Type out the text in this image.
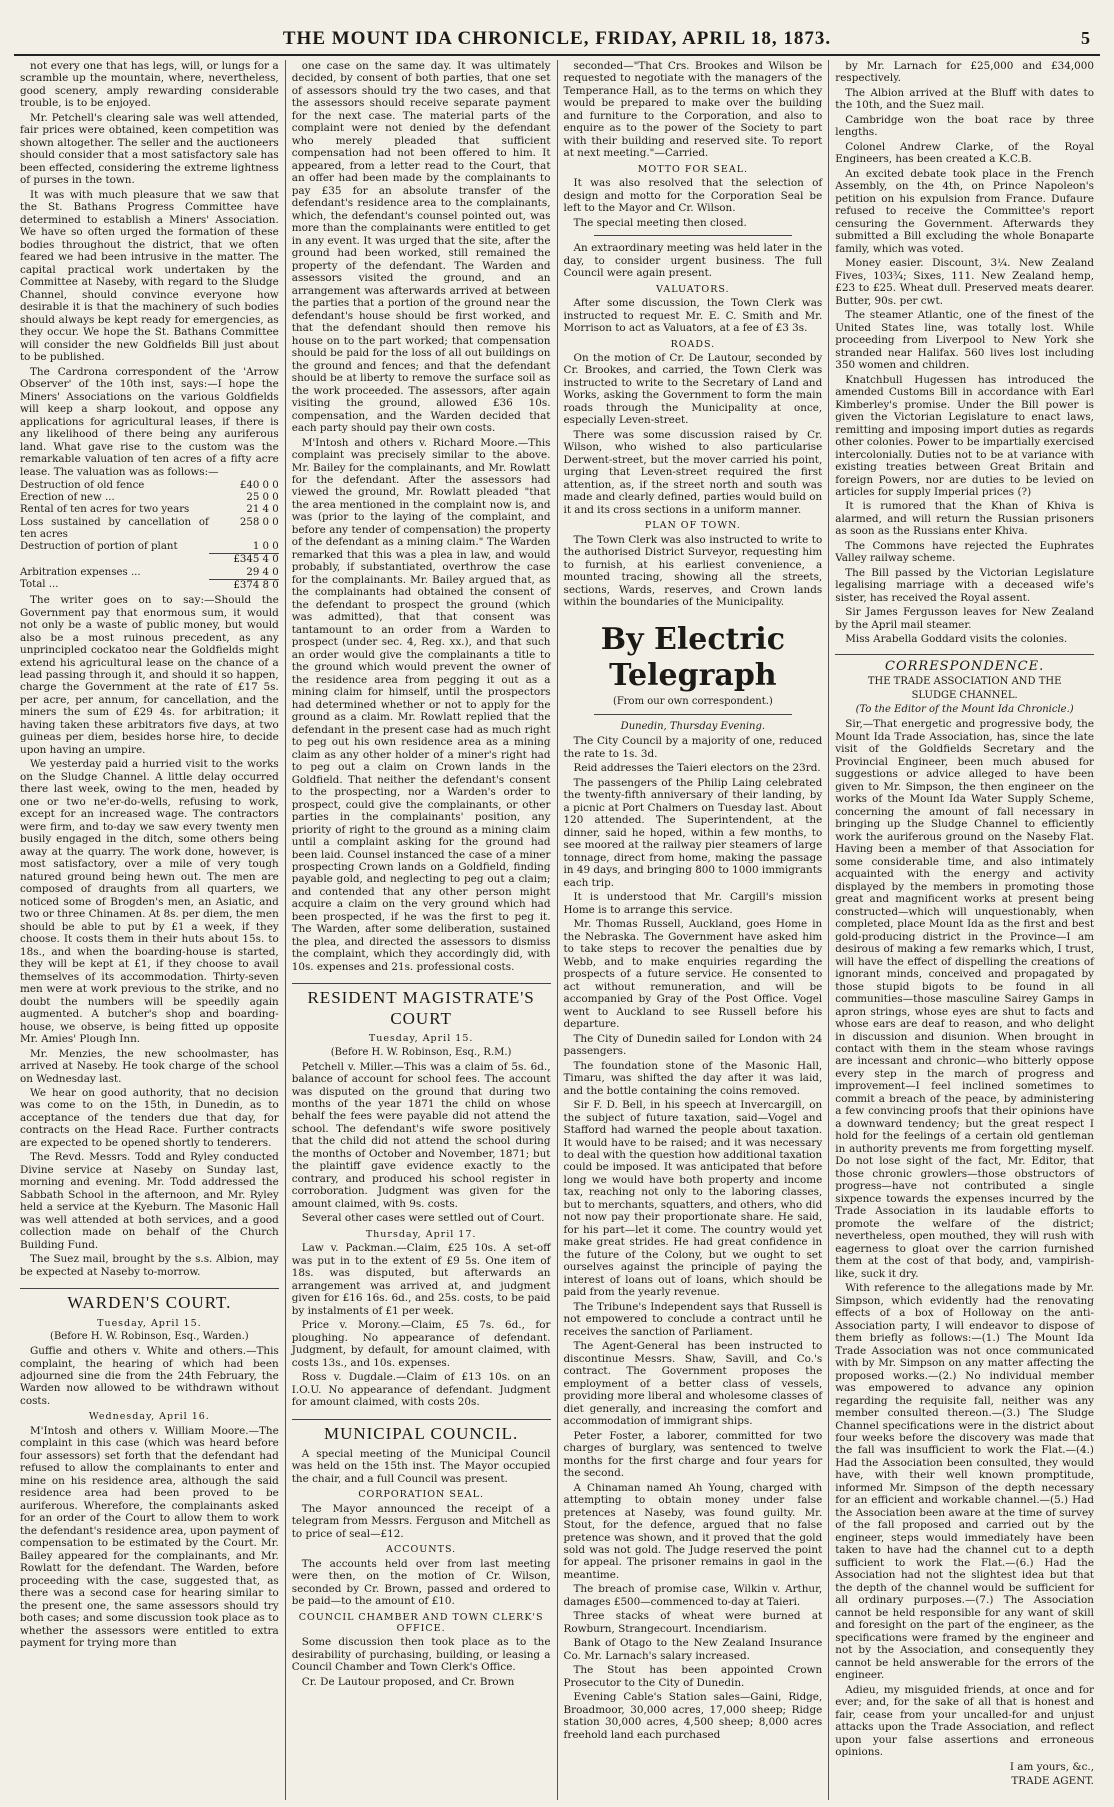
THE MOUNT IDA CHRONICLE, FRIDAY, APRIL 18, 1873.	5

not every one that has legs, will, or lungs for a scramble up the mountain, where, nevertheless, good scenery, amply rewarding considerable trouble, is to be enjoyed.

Mr. Petchell's clearing sale was well attended, fair prices were obtained, keen competition was shown altogether. The seller and the auctioneers should consider that a most satisfactory sale has been effected, considering the extreme lightness of purses in the town.

It was with much pleasure that we saw that the St. Bathans Progress Committee have determined to establish a Miners' Association. We have so often urged the formation of these bodies throughout the district, that we often feared we had been intrusive in the matter. The capital practical work undertaken by the Committee at Naseby, with regard to the Sludge Channel, should convince everyone how desirable it is that the machinery of such bodies should always be kept ready for emergencies, as they occur. We hope the St. Bathans Committee will consider the new Goldfields Bill just about to be published.

The Cardrona correspondent of the 'Arrow Observer' of the 10th inst, says:—I hope the Miners' Associations on the various Goldfields will keep a sharp lookout, and oppose any applications for agricultural leases, if there is any likelihood of there being any auriferous land. What gave rise to the custom was the remarkable valuation of ten acres of a fifty acre lease. The valuation was as follows:—

Destruction of old fence	£40 0 0
Erection of new ...	25 0 0
Rental of ten acres for two years	21 4 0
Loss sustained by cancellation of ten acres	258 0 0
Destruction of portion of plant	1 0 0
	£345 4 0
Arbitration expenses ...	29 4 0
Total ...	£374 8 0

The writer goes on to say:—Should the Government pay that enormous sum, it would not only be a waste of public money, but would also be a most ruinous precedent, as any unprincipled cockatoo near the Goldfields might extend his agricultural lease on the chance of a lead passing through it, and should it so happen, charge the Government at the rate of £17 5s. per acre, per annum, for cancellation, and the miners the sum of £29 4s. for arbitration; it having taken these arbitrators five days, at two guineas per diem, besides horse hire, to decide upon having an umpire.

We yesterday paid a hurried visit to the works on the Sludge Channel. A little delay occurred there last week, owing to the men, headed by one or two ne'er-do-wells, refusing to work, except for an increased wage. The contractors were firm, and to-day we saw every twenty men busily engaged in the ditch, some others being away at the quarry. The work done, however, is most satisfactory, over a mile of very tough natured ground being hewn out. The men are composed of draughts from all quarters, we noticed some of Brogden's men, an Asiatic, and two or three Chinamen. At 8s. per diem, the men should be able to put by £1 a week, if they choose. It costs them in their huts about 15s. to 18s., and when the boarding-house is started, they will be kept at £1, if they choose to avail themselves of its accommodation. Thirty-seven men were at work previous to the strike, and no doubt the numbers will be speedily again augmented. A butcher's shop and boarding-house, we observe, is being fitted up opposite Mr. Amies' Plough Inn.

Mr. Menzies, the new schoolmaster, has arrived at Naseby. He took charge of the school on Wednesday last.

We hear on good authority, that no decision was come to on the 15th, in Dunedin, as to acceptance of the tenders due that day, for contracts on the Head Race. Further contracts are expected to be opened shortly to tenderers.

The Revd. Messrs. Todd and Ryley conducted Divine service at Naseby on Sunday last, morning and evening. Mr. Todd addressed the Sabbath School in the afternoon, and Mr. Ryley held a service at the Kyeburn. The Masonic Hall was well attended at both services, and a good collection made on behalf of the Church Building Fund.

The Suez mail, brought by the s.s. Albion, may be expected at Naseby to-morrow.

WARDEN'S COURT.
Tuesday, April 15.
(Before H. W. Robinson, Esq., Warden.)

Guffie and others v. White and others.—This complaint, the hearing of which had been adjourned sine die from the 24th February, the Warden now allowed to be withdrawn without costs.

Wednesday, April 16.

M'Intosh and others v. William Moore.—The complaint in this case (which was heard before four assessors) set forth that the defendant had refused to allow the complainants to enter and mine on his residence area, although the said residence area had been proved to be auriferous. Wherefore, the complainants asked for an order of the Court to allow them to work the defendant's residence area, upon payment of compensation to be estimated by the Court. Mr. Bailey appeared for the complainants, and Mr. Rowlatt for the defendant. The Warden, before proceeding with the case, suggested that, as there was a second case for hearing similar to the present one, the same assessors should try both cases; and some discussion took place as to whether the assessors were entitled to extra payment for trying more than

one case on the same day. It was ultimately decided, by consent of both parties, that one set of assessors should try the two cases, and that the assessors should receive separate payment for the next case. The material parts of the complaint were not denied by the defendant who merely pleaded that sufficient compensation had not been offered to him. It appeared, from a letter read to the Court, that an offer had been made by the complainants to pay £35 for an absolute transfer of the defendant's residence area to the complainants, which, the defendant's counsel pointed out, was more than the complainants were entitled to get in any event. It was urged that the site, after the ground had been worked, still remained the property of the defendant. The Warden and assessors visited the ground, and an arrangement was afterwards arrived at between the parties that a portion of the ground near the defendant's house should be first worked, and that the defendant should then remove his house on to the part worked; that compensation should be paid for the loss of all out buildings on the ground and fences; and that the defendant should be at liberty to remove the surface soil as the work proceeded. The assessors, after again visiting the ground, allowed £36 10s. compensation, and the Warden decided that each party should pay their own costs.

M'Intosh and others v. Richard Moore.—This complaint was precisely similar to the above. Mr. Bailey for the complainants, and Mr. Rowlatt for the defendant. After the assessors had viewed the ground, Mr. Rowlatt pleaded "that the area mentioned in the complaint now is, and was (prior to the laying of the complaint, and before any tender of compensation) the property of the defendant as a mining claim." The Warden remarked that this was a plea in law, and would probably, if substantiated, overthrow the case for the complainants. Mr. Bailey argued that, as the complainants had obtained the consent of the defendant to prospect the ground (which was admitted), that that consent was tantamount to an order from a Warden to prospect (under sec. 4, Reg. xx.), and that such an order would give the complainants a title to the ground which would prevent the owner of the residence area from pegging it out as a mining claim for himself, until the prospectors had determined whether or not to apply for the ground as a claim. Mr. Rowlatt replied that the defendant in the present case had as much right to peg out his own residence area as a mining claim as any other holder of a miner's right had to peg out a claim on Crown lands in the Goldfield. That neither the defendant's consent to the prospecting, nor a Warden's order to prospect, could give the complainants, or other parties in the complainants' position, any priority of right to the ground as a mining claim until a complaint asking for the ground had been laid. Counsel instanced the case of a miner prospecting Crown lands on a Goldfield, finding payable gold, and neglecting to peg out a claim; and contended that any other person might acquire a claim on the very ground which had been prospected, if he was the first to peg it. The Warden, after some deliberation, sustained the plea, and directed the assessors to dismiss the complaint, which they accordingly did, with 10s. expenses and 21s. professional costs.

RESIDENT MAGISTRATE'S COURT
Tuesday, April 15.
(Before H. W. Robinson, Esq., R.M.)

Petchell v. Miller.—This was a claim of 5s. 6d., balance of account for school fees. The account was disputed on the ground that during two months of the year 1871 the child on whose behalf the fees were payable did not attend the school. The defendant's wife swore positively that the child did not attend the school during the months of October and November, 1871; but the plaintiff gave evidence exactly to the contrary, and produced his school register in corroboration. Judgment was given for the amount claimed, with 9s. costs.

Several other cases were settled out of Court.

Thursday, April 17.

Law v. Packman.—Claim, £25 10s. A set-off was put in to the extent of £9 5s. One item of 18s. was disputed, but afterwards an arrangement was arrived at, and judgment given for £16 16s. 6d., and 25s. costs, to be paid by instalments of £1 per week.

Price v. Morony.—Claim, £5 7s. 6d., for ploughing. No appearance of defendant. Judgment, by default, for amount claimed, with costs 13s., and 10s. expenses.

Ross v. Dugdale.—Claim of £13 10s. on an I.O.U. No appearance of defendant. Judgment for amount claimed, with costs 20s.

MUNICIPAL COUNCIL.

A special meeting of the Municipal Council was held on the 15th inst. The Mayor occupied the chair, and a full Council was present.

CORPORATION SEAL.

The Mayor announced the receipt of a telegram from Messrs. Ferguson and Mitchell as to price of seal—£12.

ACCOUNTS.

The accounts held over from last meeting were then, on the motion of Cr. Wilson, seconded by Cr. Brown, passed and ordered to be paid—to the amount of £10.

COUNCIL CHAMBER AND TOWN CLERK'S OFFICE.

Some discussion then took place as to the desirability of purchasing, building, or leasing a Council Chamber and Town Clerk's Office.

Cr. De Lautour proposed, and Cr. Brown

seconded—"That Crs. Brookes and Wilson be requested to negotiate with the managers of the Temperance Hall, as to the terms on which they would be prepared to make over the building and furniture to the Corporation, and also to enquire as to the power of the Society to part with their building and reserved site. To report at next meeting."—Carried.

MOTTO FOR SEAL.

It was also resolved that the selection of design and motto for the Corporation Seal be left to the Mayor and Cr. Wilson.

The special meeting then closed.

An extraordinary meeting was held later in the day, to consider urgent business. The full Council were again present.

VALUATORS.

After some discussion, the Town Clerk was instructed to request Mr. E. C. Smith and Mr. Morrison to act as Valuators, at a fee of £3 3s.

ROADS.

On the motion of Cr. De Lautour, seconded by Cr. Brookes, and carried, the Town Clerk was instructed to write to the Secretary of Land and Works, asking the Government to form the main roads through the Municipality at once, especially Leven-street.

There was some discussion raised by Cr. Wilson, who wished to also particularise Derwent-street, but the mover carried his point, urging that Leven-street required the first attention, as, if the street north and south was made and clearly defined, parties would build on it and its cross sections in a uniform manner.

PLAN OF TOWN.

The Town Clerk was also instructed to write to the authorised District Surveyor, requesting him to furnish, at his earliest convenience, a mounted tracing, showing all the streets, sections, Wards, reserves, and Crown lands within the boundaries of the Municipality.

By Electric Telegraph
(From our own correspondent.)
Dunedin, Thursday Evening.

The City Council by a majority of one, reduced the rate to 1s. 3d.

Reid addresses the Taieri electors on the 23rd.

The passengers of the Philip Laing celebrated the twenty-fifth anniversary of their landing, by a picnic at Port Chalmers on Tuesday last. About 120 attended. The Superintendent, at the dinner, said he hoped, within a few months, to see moored at the railway pier steamers of large tonnage, direct from home, making the passage in 49 days, and bringing 800 to 1000 immigrants each trip.

It is understood that Mr. Cargill's mission Home is to arrange this service.

Mr. Thomas Russell, Auckland, goes Home in the Nebraska. The Government have asked him to take steps to recover the penalties due by Webb, and to make enquiries regarding the prospects of a future service. He consented to act without remuneration, and will be accompanied by Gray of the Post Office. Vogel went to Auckland to see Russell before his departure.

The City of Dunedin sailed for London with 24 passengers.

The foundation stone of the Masonic Hall, Timaru, was shifted the day after it was laid, and the bottle containing the coins removed.

Sir F. D. Bell, in his speech at Invercargill, on the subject of future taxation, said—Vogel and Stafford had warned the people about taxation. It would have to be raised; and it was necessary to deal with the question how additional taxation could be imposed. It was anticipated that before long we would have both property and income tax, reaching not only to the laboring classes, but to merchants, squatters, and others, who did not now pay their proportionate share. He said, for his part—let it come. The country would yet make great strides. He had great confidence in the future of the Colony, but we ought to set ourselves against the principle of paying the interest of loans out of loans, which should be paid from the yearly revenue.

The Tribune's Independent says that Russell is not empowered to conclude a contract until he receives the sanction of Parliament.

The Agent-General has been instructed to discontinue Messrs. Shaw, Savill, and Co.'s contract. The Government proposes the employment of a better class of vessels, providing more liberal and wholesome classes of diet generally, and increasing the comfort and accommodation of immigrant ships.

Peter Foster, a laborer, committed for two charges of burglary, was sentenced to twelve months for the first charge and four years for the second.

A Chinaman named Ah Young, charged with attempting to obtain money under false pretences at Naseby, was found guilty. Mr. Stout, for the defence, argued that no false pretence was shown, and it proved that the gold sold was not gold. The Judge reserved the point for appeal. The prisoner remains in gaol in the meantime.

The breach of promise case, Wilkin v. Arthur, damages £500—commenced to-day at Taieri.

Three stacks of wheat were burned at Rowburn, Strangecourt. Incendiarism.

Bank of Otago to the New Zealand Insurance Co. Mr. Larnach's salary increased.

The Stout has been appointed Crown Prosecutor to the City of Dunedin.

Evening Cable's Station sales—Gaini, Ridge, Broadmoor, 30,000 acres, 17,000 sheep; Ridge station 30,000 acres, 4,500 sheep; 8,000 acres freehold land each purchased

by Mr. Larnach for £25,000 and £34,000 respectively.

The Albion arrived at the Bluff with dates to the 10th, and the Suez mail.

Cambridge won the boat race by three lengths.

Colonel Andrew Clarke, of the Royal Engineers, has been created a K.C.B.

An excited debate took place in the French Assembly, on the 4th, on Prince Napoleon's petition on his expulsion from France. Dufaure refused to receive the Committee's report censuring the Government. Afterwards they submitted a Bill excluding the whole Bonaparte family, which was voted.

Money easier. Discount, 3¼. New Zealand Fives, 103¾; Sixes, 111. New Zealand hemp, £23 to £25. Wheat dull. Preserved meats dearer. Butter, 90s. per cwt.

The steamer Atlantic, one of the finest of the United States line, was totally lost. While proceeding from Liverpool to New York she stranded near Halifax. 560 lives lost including 350 women and children.

Knatchbull Hugessen has introduced the amended Customs Bill in accordance with Earl Kimberley's promise. Under the Bill power is given the Victorian Legislature to enact laws, remitting and imposing import duties as regards other colonies. Power to be impartially exercised intercolonially. Duties not to be at variance with existing treaties between Great Britain and foreign Powers, nor are duties to be levied on articles for supply Imperial prices (?)

It is rumored that the Khan of Khiva is alarmed, and will return the Russian prisoners as soon as the Russians enter Khiva.

The Commons have rejected the Euphrates Valley railway scheme.

The Bill passed by the Victorian Legislature legalising marriage with a deceased wife's sister, has received the Royal assent.

Sir James Fergusson leaves for New Zealand by the April mail steamer.

Miss Arabella Goddard visits the colonies.

CORRESPONDENCE.
THE TRADE ASSOCIATION AND THE
SLUDGE CHANNEL.
(To the Editor of the Mount Ida Chronicle.)

Sir,—That energetic and progressive body, the Mount Ida Trade Association, has, since the late visit of the Goldfields Secretary and the Provincial Engineer, been much abused for suggestions or advice alleged to have been given to Mr. Simpson, the then engineer on the works of the Mount Ida Water Supply Scheme, concerning the amount of fall necessary in bringing up the Sludge Channel to efficiently work the auriferous ground on the Naseby Flat. Having been a member of that Association for some considerable time, and also intimately acquainted with the energy and activity displayed by the members in promoting those great and magnificent works at present being constructed—which will unquestionably, when completed, place Mount Ida as the first and best gold-producing district in the Province—I am desirous of making a few remarks which, I trust, will have the effect of dispelling the creations of ignorant minds, conceived and propagated by those stupid bigots to be found in all communities—those masculine Sairey Gamps in apron strings, whose eyes are shut to facts and whose ears are deaf to reason, and who delight in discussion and disunion. When brought in contact with them in the steam whose ravings are incessant and chronic—who bitterly oppose every step in the march of progress and improvement—I feel inclined sometimes to commit a breach of the peace, by administering a few convincing proofs that their opinions have a downward tendency; but the great respect I hold for the feelings of a certain old gentleman in authority prevents me from forgetting myself. Do not lose sight of the fact, Mr. Editor, that those chronic growlers—those obstructors of progress—have not contributed a single sixpence towards the expenses incurred by the Trade Association in its laudable efforts to promote the welfare of the district; nevertheless, open mouthed, they will rush with eagerness to gloat over the carrion furnished them at the cost of that body, and, vampirish-like, suck it dry.

With reference to the allegations made by Mr. Simpson, which evidently had the renovating effects of a box of Holloway on the anti-Association party, I will endeavor to dispose of them briefly as follows:—(1.) The Mount Ida Trade Association was not once communicated with by Mr. Simpson on any matter affecting the proposed works.—(2.) No individual member was empowered to advance any opinion regarding the requisite fall, neither was any member consulted thereon.—(3.) The Sludge Channel specifications were in the district about four weeks before the discovery was made that the fall was insufficient to work the Flat.—(4.) Had the Association been consulted, they would have, with their well known promptitude, informed Mr. Simpson of the depth necessary for an efficient and workable channel.—(5.) Had the Association been aware at the time of survey of the fall proposed and carried out by the engineer, steps would immediately have been taken to have had the channel cut to a depth sufficient to work the Flat.—(6.) Had the Association had not the slightest idea but that the depth of the channel would be sufficient for all ordinary purposes.—(7.) The Association cannot be held responsible for any want of skill and foresight on the part of the engineer, as the specifications were framed by the engineer and not by the Association, and consequently they cannot be held answerable for the errors of the engineer.

Adieu, my misguided friends, at once and for ever; and, for the sake of all that is honest and fair, cease from your uncalled-for and unjust attacks upon the Trade Association, and reflect upon your false assertions and erroneous opinions.

I am yours, &c.,

TRADE AGENT.
